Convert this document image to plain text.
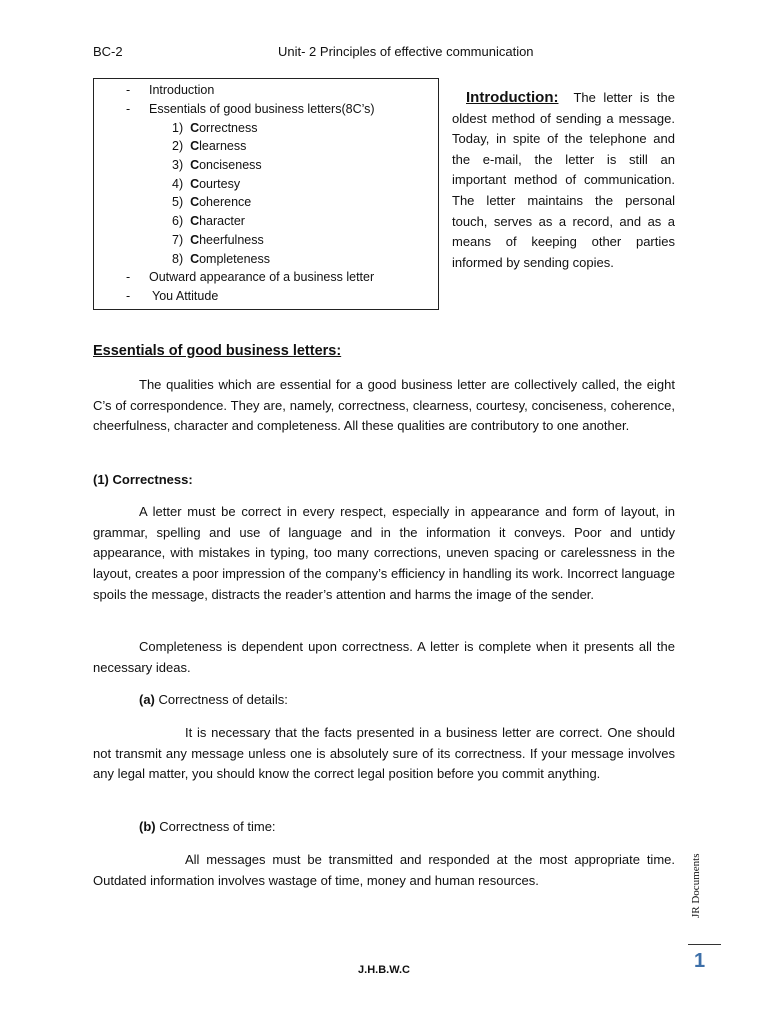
BC-2	Unit- 2 Principles of effective communication
- Introduction
- Essentials of good business letters(8C’s)
1) Correctness
2) Clearness
3) Conciseness
4) Courtesy
5) Coherence
6) Character
7) Cheerfulness
8) Completeness
- Outward appearance of a business letter
- You Attitude
Introduction: The letter is the oldest method of sending a message. Today, in spite of the telephone and the e-mail, the letter is still an important method of communication. The letter maintains the personal touch, serves as a record, and as a means of keeping other parties informed by sending copies.
Essentials of good business letters:

The qualities which are essential for a good business letter are collectively called, the eight C’s of correspondence. They are, namely, correctness, clearness, courtesy, conciseness, coherence, cheerfulness, character and completeness. All these qualities are contributory to one another.

(1) Correctness:

A letter must be correct in every respect, especially in appearance and form of layout, in grammar, spelling and use of language and in the information it conveys. Poor and untidy appearance, with mistakes in typing, too many corrections, uneven spacing or carelessness in the layout, creates a poor impression of the company’s efficiency in handling its work. Incorrect language spoils the message, distracts the reader’s attention and harms the image of the sender.

Completeness is dependent upon correctness. A letter is complete when it presents all the necessary ideas.

(a) Correctness of details:

It is necessary that the facts presented in a business letter are correct. One should not transmit any message unless one is absolutely sure of its correctness. If your message involves any legal matter, you should know the correct legal position before you commit anything.

(b) Correctness of time:

All messages must be transmitted and responded at the most appropriate time. Outdated information involves wastage of time, money and human resources.	JR Documents
1
J.H.B.W.C
